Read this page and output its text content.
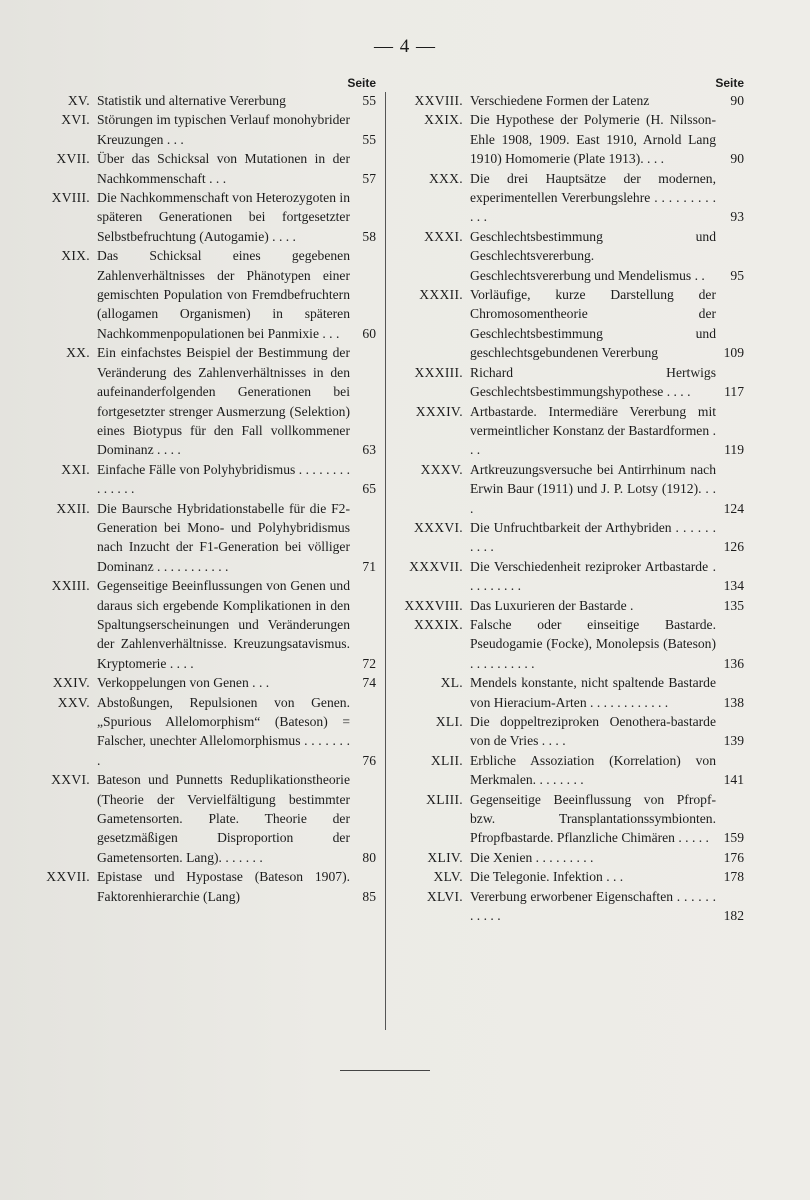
— 4 —
Seite
XV. Statistik und alternative Vererbung	55
XVI. Störungen im typischen Verlauf monohybrider Kreuzungen . . .	55
XVII. Über das Schicksal von Mutationen in der Nachkommenschaft . . .	57
XVIII. Die Nachkommenschaft von Heterozygoten in späteren Generationen bei fortgesetzter Selbstbefruchtung (Autogamie) . . . .	58
XIX. Das Schicksal eines gegebenen Zahlenverhältnisses der Phänotypen einer gemischten Population von Fremdbefruchtern (allogamen Organismen) in späteren Nachkommenpopulationen bei Panmixie . . .	60
XX. Ein einfachstes Beispiel der Bestimmung der Veränderung des Zahlenverhältnisses in den aufeinanderfolgenden Generationen bei fortgesetzter strenger Ausmerzung (Selektion) eines Biotypus für den Fall vollkommener Dominanz . . . .	63
XXI. Einfache Fälle von Polyhybridismus . . . . . . . . . . . . . .	65
XXII. Die Baursche Hybridationstabelle für die F2-Generation bei Mono- und Polyhybridismus nach Inzucht der F1-Generation bei völliger Dominanz . . . . . . . . . . .	71
XXIII. Gegenseitige Beeinflussungen von Genen und daraus sich ergebende Komplikationen in den Spaltungserscheinungen und Veränderungen der Zahlenverhältnisse. Kreuzungsatavismus. Kryptomerie . . . .	72
XXIV. Verkoppelungen von Genen . . .	74
XXV. Abstoßungen, Repulsionen von Genen. „Spurious Allelomorphism“ (Bateson) = Falscher, unechter Allelomorphismus . . . . . . . .	76
XXVI. Bateson und Punnetts Reduplikationstheorie (Theorie der Vervielfältigung bestimmter Gametensorten. Plate. Theorie der gesetzmäßigen Disproportion der Gametensorten. Lang). . . . . . .	80
XXVII. Epistase und Hypostase (Bateson 1907). Faktorenhierarchie (Lang)	85
Seite
XXVIII. Verschiedene Formen der Latenz	90
XXIX. Die Hypothese der Polymerie (H. Nilsson-Ehle 1908, 1909. East 1910, Arnold Lang 1910) Homomerie (Plate 1913). . . .	90
XXX. Die drei Hauptsätze der modernen, experimentellen Vererbungslehre . . . . . . . . . . . .	93
XXXI. Geschlechtsbestimmung und Geschlechtsvererbung. Geschlechtsvererbung und Mendelismus . .	95
XXXII. Vorläufige, kurze Darstellung der Chromosomentheorie der Geschlechtsbestimmung und geschlechtsgebundenen Vererbung	109
XXXIII. Richard Hertwigs Geschlechtsbestimmungshypothese . . . .	117
XXXIV. Artbastarde. Intermediäre Vererbung mit vermeintlicher Konstanz der Bastardformen . . .	119
XXXV. Artkreuzungsversuche bei Antirrhinum nach Erwin Baur (1911) und J. P. Lotsy (1912). . . .	124
XXXVI. Die Unfruchtbarkeit der Arthybriden . . . . . . . . . .	126
XXXVII. Die Verschiedenheit reziproker Artbastarde . . . . . . . . .	134
XXXVIII. Das Luxurieren der Bastarde .	135
XXXIX. Falsche oder einseitige Bastarde. Pseudogamie (Focke), Monolepsis (Bateson) . . . . . . . . . .	136
XL. Mendels konstante, nicht spaltende Bastarde von Hieracium-Arten . . . . . . . . . . . .	138
XLI. Die doppeltreziproken Oenothera-bastarde von de Vries . . . .	139
XLII. Erbliche Assoziation (Korrelation) von Merkmalen. . . . . . . .	141
XLIII. Gegenseitige Beeinflussung von Pfropf- bzw. Transplantationssymbionten. Pfropfbastarde. Pflanzliche Chimären . . . . .	159
XLIV. Die Xenien . . . . . . . . .	176
XLV. Die Telegonie. Infektion . . .	178
XLVI. Vererbung erworbener Eigenschaften . . . . . . . . . . .	182
